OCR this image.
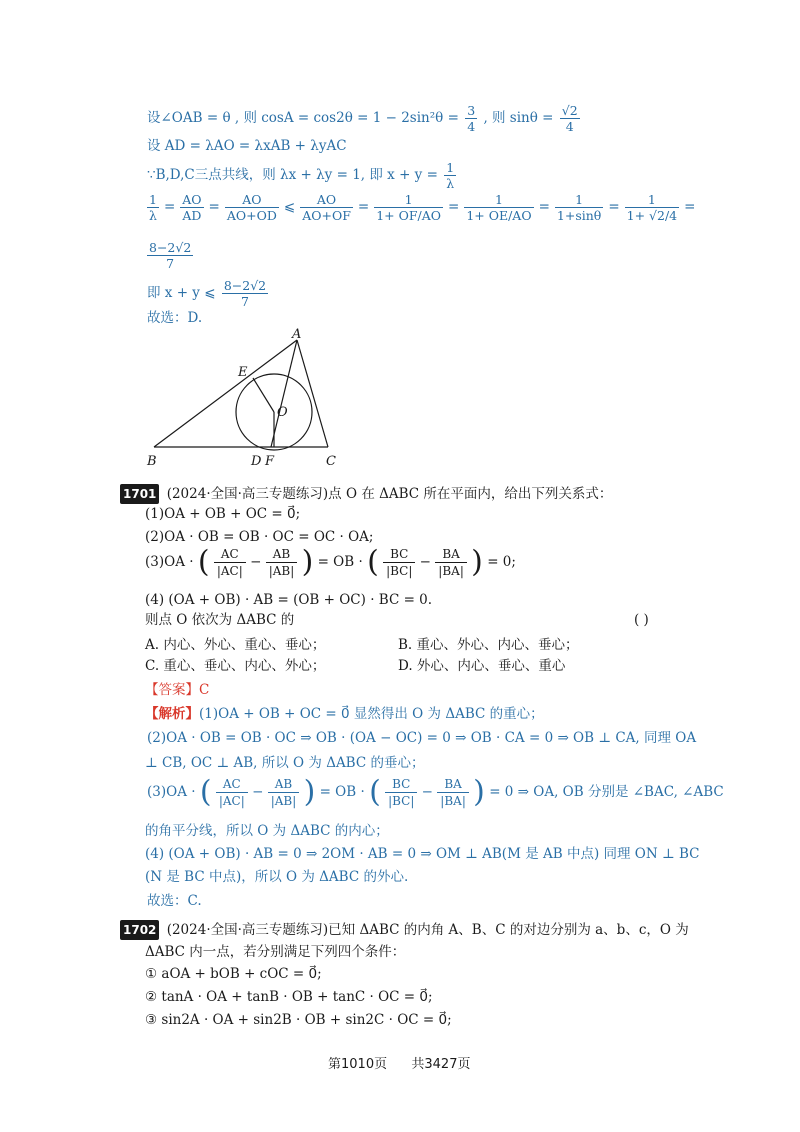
设∠OAB = θ , 则 $\cos A = \cos 2\theta = 1 - 2\sin^2\theta = \frac{3}{4}$ , 则 $\sin\theta = \frac{√2}{4}$
设 AD = λAO = λxAB + λyAC
∵B,D,C三点共线，则 λx + λy = 1, 即 $x + y = \frac{1}{\lambda}$
$\frac{1}{\lambda} = \frac{AO}{AD} = \frac{AO}{AO+OD}$ ⩽ $\frac{AO}{AO+OF} = \frac{1}{1+ OF/AO} = \frac{1}{1+ OE/AO} = \frac{1}{1+\sin\theta} = \frac{1}{1+ √2/4}$ =
$\frac{8-2√2}{7}$
即 x + y ⩽ $\frac{8-2√2}{7}$
故选：D.
A
B	C
D
E
F
O
1701 (2024·全国·高三专题练习)点 O 在 ΔABC 所在平面内，给出下列关系式：
(1)OA + OB + OC = 0⃗;
(2)OA · OB = OB · OC = OC · OA;
(3)OA · ( $\frac{AC}{|AC|} - \frac{AB}{|AB|}$ ) = OB · ( $\frac{BC}{|BC|} - \frac{BA}{|BA|}$ ) = 0;
(4) (OA + OB) · AB = (OB + OC) · BC = 0.
则点 O 依次为 ΔABC 的	( )
A. 内心、外心、重心、垂心；	B. 重心、外心、内心、垂心；
C. 重心、垂心、内心、外心；	D. 外心、内心、垂心、重心
【答案】C
【解析】(1)OA + OB + OC = 0⃗ 显然得出 O 为 ΔABC 的重心；
(2)OA · OB = OB · OC ⇒ OB · (OA − OC) = 0 ⇒ OB · CA = 0 ⇒ OB ⊥ CA, 同理 OA
⊥ CB, OC ⊥ AB, 所以 O 为 ΔABC 的垂心；
(3)OA · ( $\frac{AC}{|AC|} - \frac{AB}{|AB|}$ ) = OB · ( $\frac{BC}{|BC|} - \frac{BA}{|BA|}$ ) = 0 ⇒ OA, OB 分别是 ∠BAC, ∠ABC
的角平分线，所以 O 为 ΔABC 的内心；
(4) (OA + OB) · AB = 0 ⇒ 2OM · AB = 0 ⇒ OM ⊥ AB(M 是 AB 中点) 同理 ON ⊥ BC
(N 是 BC 中点)，所以 O 为 ΔABC 的外心.
故选：C.
1702 (2024·全国·高三专题练习)已知 ΔABC 的内角 A、B、C 的对边分别为 a、b、c，O 为
ΔABC 内一点，若分别满足下列四个条件：
① aOA + bOB + cOC = 0⃗;
② tanA · OA + tanB · OB + tanC · OC = 0⃗;
③ sin2A · OA + sin2B · OB + sin2C · OC = 0⃗;
第1010页 共3427页
